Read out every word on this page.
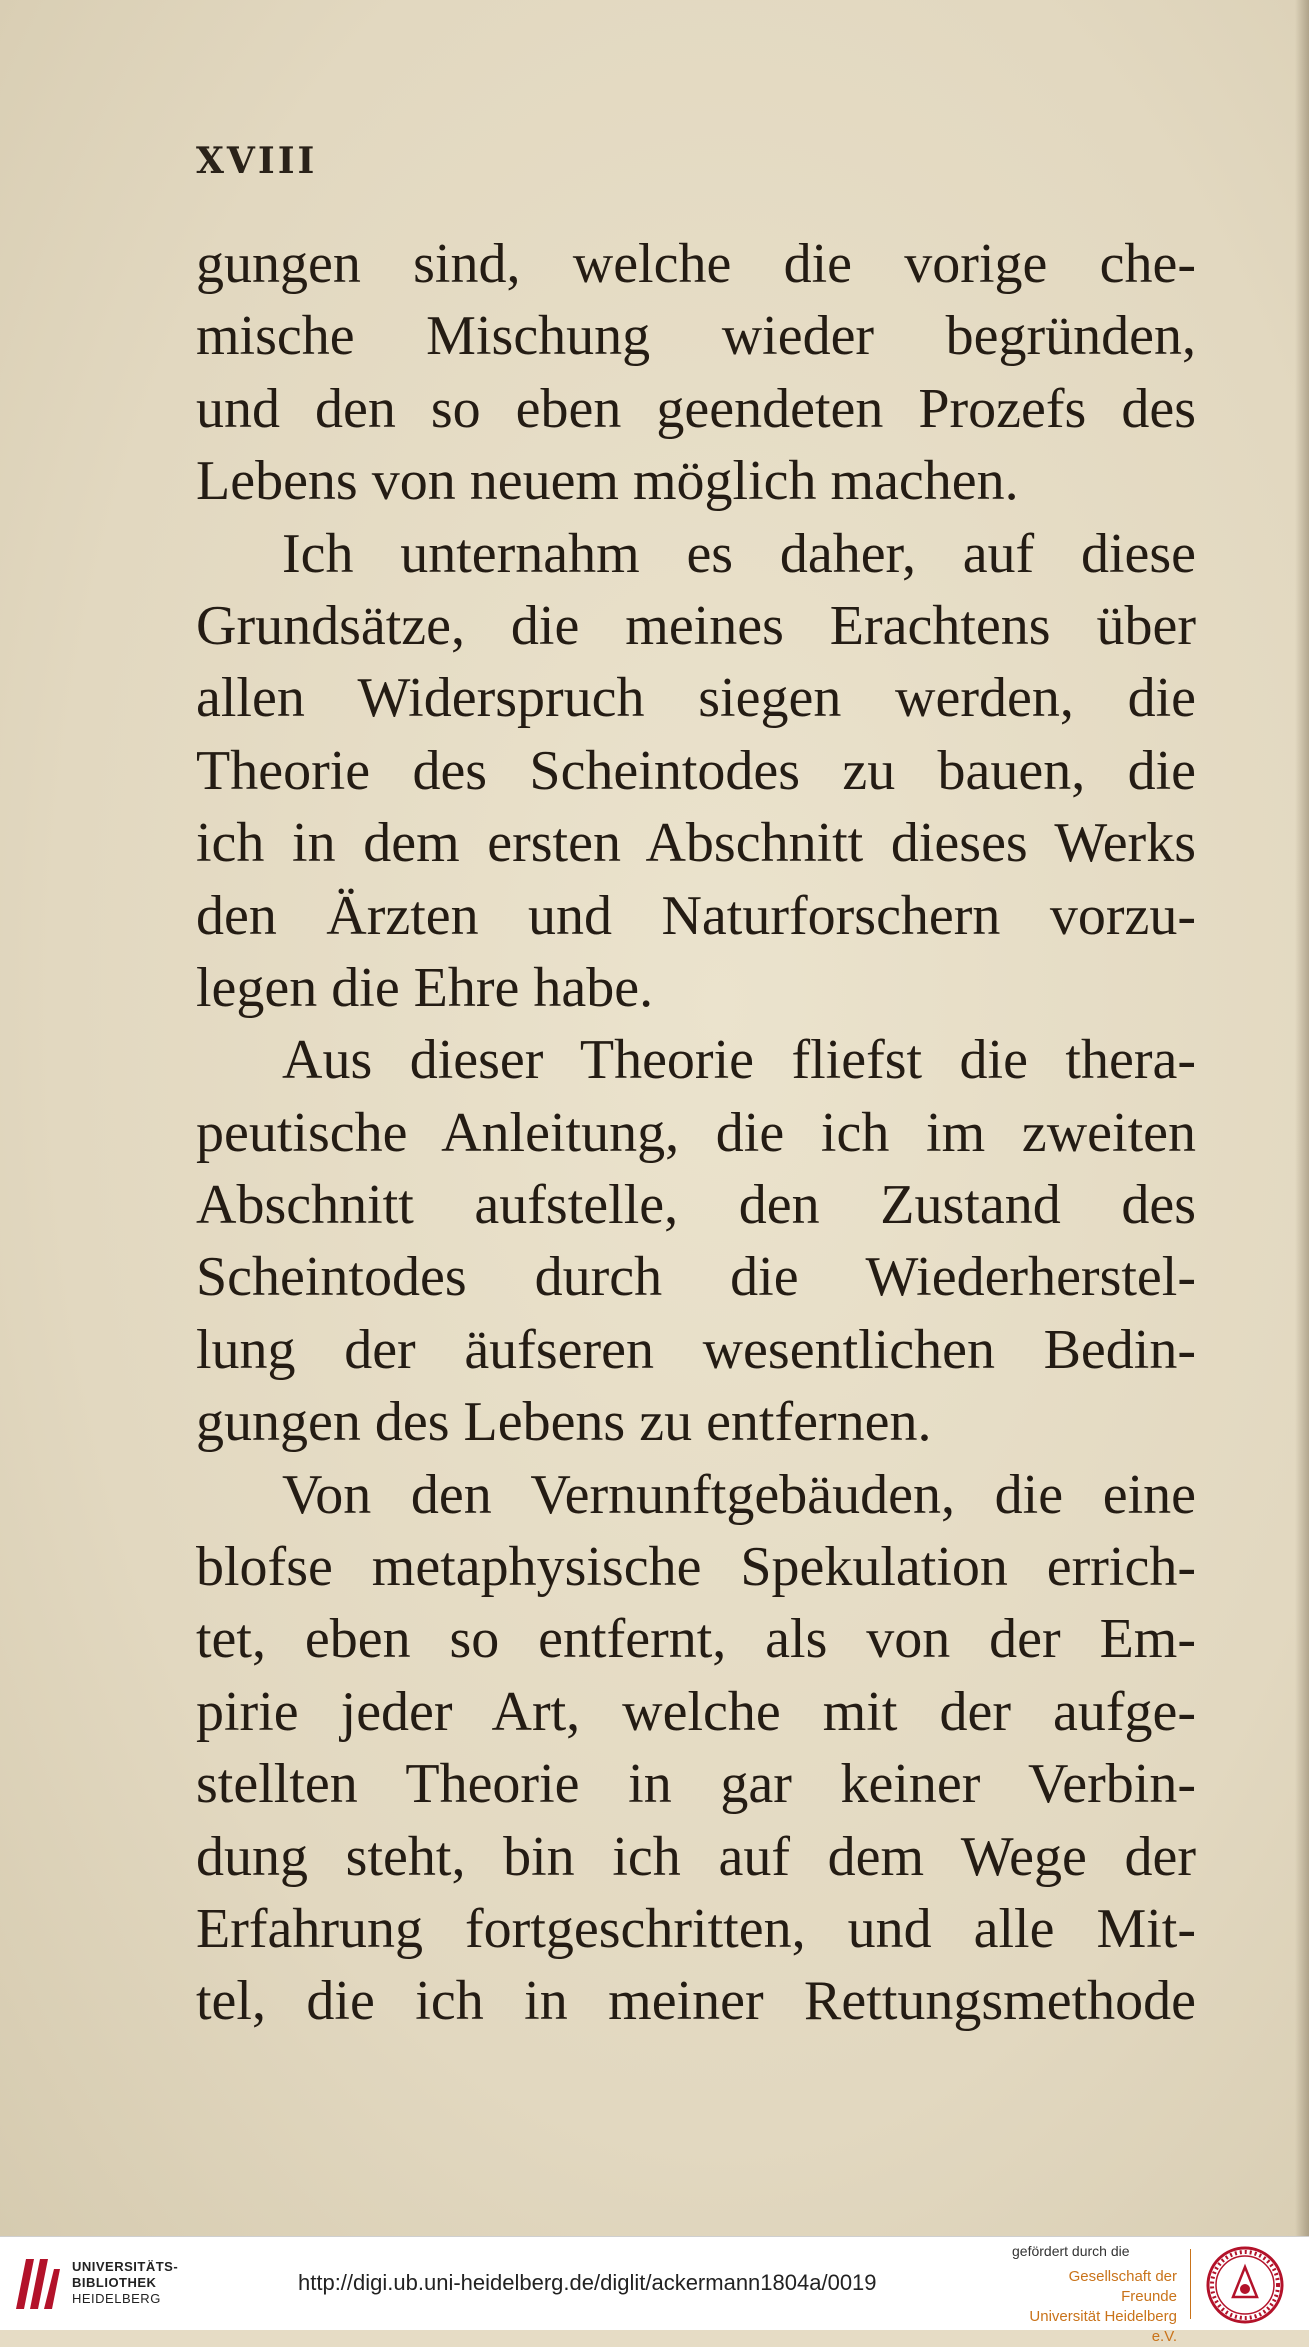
XVIII
gungen sind, welche die vorige che-
mische Mischung wieder begründen,
und den so eben geendeten Prozefs des
Lebens von neuem möglich machen.
Ich unternahm es daher, auf diese
Grundsätze, die meines Erachtens über
allen Widerspruch siegen werden, die
Theorie des Scheintodes zu bauen, die
ich in dem ersten Abschnitt dieses Werks
den Ärzten und Naturforschern vorzu-
legen die Ehre habe.
Aus dieser Theorie fliefst die thera-
peutische Anleitung, die ich im zweiten
Abschnitt aufstelle, den Zustand des
Scheintodes durch die Wiederherstel-
lung der äufseren wesentlichen Bedin-
gungen des Lebens zu entfernen.
Von den Vernunftgebäuden, die eine
blofse metaphysische Spekulation errich-
tet, eben so entfernt, als von der Em-
pirie jeder Art, welche mit der aufge-
stellten Theorie in gar keiner Verbin-
dung steht, bin ich auf dem Wege der
Erfahrung fortgeschritten, und alle Mit-
tel, die ich in meiner Rettungsmethode
UNIVERSITÄTS-
BIBLIOTHEK
HEIDELBERG
http://digi.ub.uni-heidelberg.de/diglit/ackermann1804a/0019
gefördert durch die
Gesellschaft der Freunde
Universität Heidelberg e.V.
